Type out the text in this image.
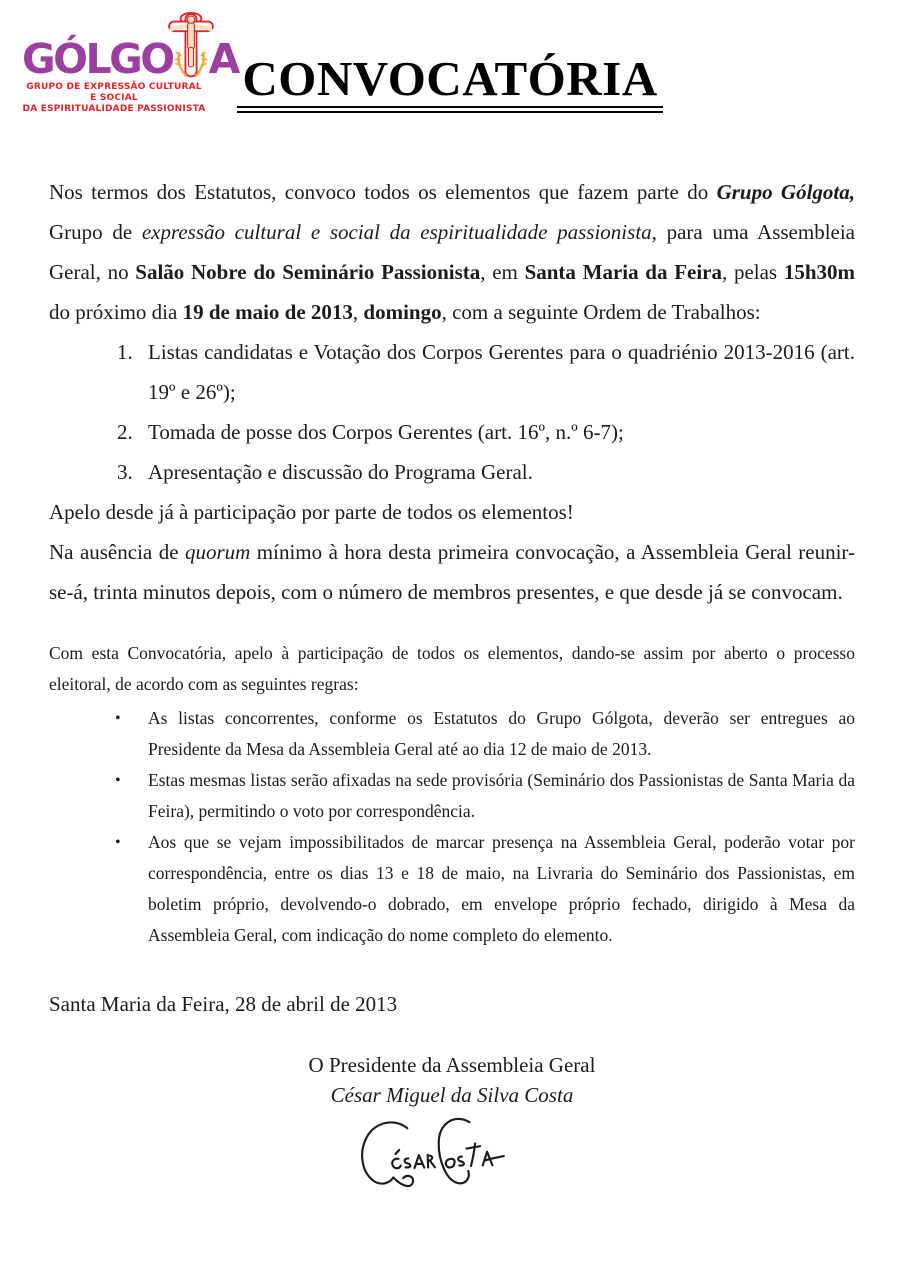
GÓLGO A
GRUPO DE EXPRESSÃO CULTURAL E SOCIAL
DA ESPIRITUALIDADE PASSIONISTA
CONVOCATÓRIA

Nos termos dos Estatutos, convoco todos os elementos que fazem parte do Grupo Gólgota, Grupo de expressão cultural e social da espiritualidade passionista, para uma Assembleia Geral, no Salão Nobre do Seminário Passionista, em Santa Maria da Feira, pelas 15h30m do próximo dia 19 de maio de 2013, domingo, com a seguinte Ordem de Trabalhos:

1. Listas candidatas e Votação dos Corpos Gerentes para o quadriénio 2013-2016 (art. 19º e 26º);
2. Tomada de posse dos Corpos Gerentes (art. 16º, n.º 6-7);
3. Apresentação e discussão do Programa Geral.

Apelo desde já à participação por parte de todos os elementos!

Na ausência de quorum mínimo à hora desta primeira convocação, a Assembleia Geral reunir-se-á, trinta minutos depois, com o número de membros presentes, e que desde já se convocam.

Com esta Convocatória, apelo à participação de todos os elementos, dando-se assim por aberto o processo eleitoral, de acordo com as seguintes regras:

• As listas concorrentes, conforme os Estatutos do Grupo Gólgota, deverão ser entregues ao Presidente da Mesa da Assembleia Geral até ao dia 12 de maio de 2013.
• Estas mesmas listas serão afixadas na sede provisória (Seminário dos Passionistas de Santa Maria da Feira), permitindo o voto por correspondência.
• Aos que se vejam impossibilitados de marcar presença na Assembleia Geral, poderão votar por correspondência, entre os dias 13 e 18 de maio, na Livraria do Seminário dos Passionistas, em boletim próprio, devolvendo-o dobrado, em envelope próprio fechado, dirigido à Mesa da Assembleia Geral, com indicação do nome completo do elemento.

Santa Maria da Feira, 28 de abril de 2013

O Presidente da Assembleia Geral
César Miguel da Silva Costa
